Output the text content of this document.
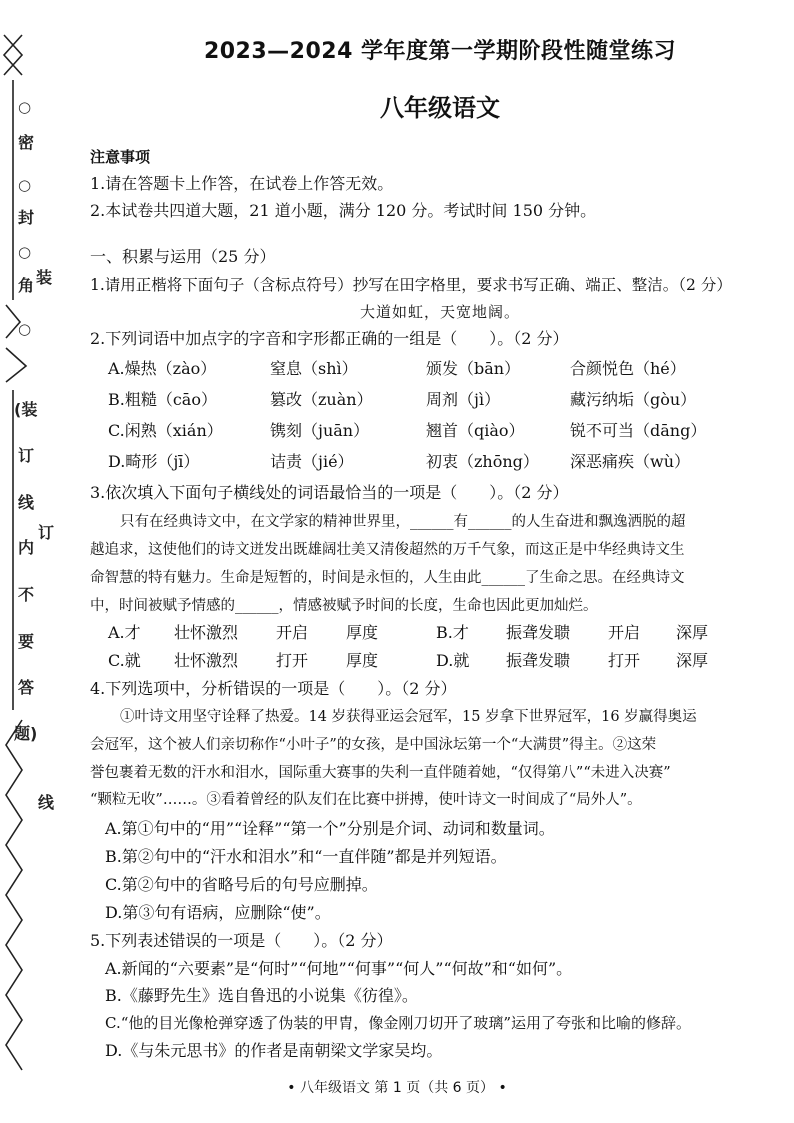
○
密
○
封
○
角
○
(装
订
线
内
不
要
答
题)
装
订
线
2023—2024 学年度第一学期阶段性随堂练习
八年级语文
注意事项
1.请在答题卡上作答，在试卷上作答无效。
2.本试卷共四道大题，21 道小题，满分 120 分。考试时间 150 分钟。
一、积累与运用（25 分）
1.请用正楷将下面句子（含标点符号）抄写在田字格里，要求书写正确、端正、整洁。（2 分）
大道如虹，天宽地阔。
2.下列词语中加点字的字音和字形都正确的一组是（　　）。（2 分）
A.燥热（zào）	窒息（shì）	颁发（bān）	合颜悦色（hé）
B.粗糙（cāo）	篡改（zuàn）	周剂（jì）	藏污纳垢（gòu）
C.闲熟（xián）	镌刻（juān）	翘首（qiào）	锐不可当（dāng）
D.畸形（jī）	诘责（jié）	初衷（zhōng） 深恶痛疾（wù）
3.依次填入下面句子横线处的词语最恰当的一项是（　　）。（2 分）
只有在经典诗文中，在文学家的精神世界里，______有______的人生奋进和飘逸洒脱的超
越追求，这使他们的诗文迸发出既雄阔壮美又清俊超然的万千气象，而这正是中华经典诗文生
命智慧的特有魅力。生命是短暂的，时间是永恒的，人生由此______了生命之思。在经典诗文
中，时间被赋予情感的______，情感被赋予时间的长度，生命也因此更加灿烂。
A.才 壮怀激烈 开启 厚度	B.才 振聋发聩 开启 深厚
C.就 壮怀激烈 打开 厚度	D.就 振聋发聩 打开 深厚
4.下列选项中，分析错误的一项是（　　）。（2 分）
①叶诗文用坚守诠释了热爱。14 岁获得亚运会冠军，15 岁拿下世界冠军，16 岁赢得奥运
会冠军，这个被人们亲切称作“小叶子”的女孩，是中国泳坛第一个“大满贯”得主。②这荣
誉包裹着无数的汗水和泪水，国际重大赛事的失利一直伴随着她，“仅得第八”“未进入决赛”
“颗粒无收”……。③看着曾经的队友们在比赛中拼搏，使叶诗文一时间成了“局外人”。
A.第①句中的“用”“诠释”“第一个”分别是介词、动词和数量词。
B.第②句中的“汗水和泪水”和“一直伴随”都是并列短语。
C.第②句中的省略号后的句号应删掉。
D.第③句有语病，应删除“使”。
5.下列表述错误的一项是（　　）。（2 分）
A.新闻的“六要素”是“何时”“何地”“何事”“何人”“何故”和“如何”。
B.《藤野先生》选自鲁迅的小说集《彷徨》。
C.“他的目光像枪弹穿透了伪装的甲胄，像金刚刀切开了玻璃”运用了夸张和比喻的修辞。
D.《与朱元思书》的作者是南朝梁文学家吴均。
• 八年级语文 第 1 页（共 6 页） •
